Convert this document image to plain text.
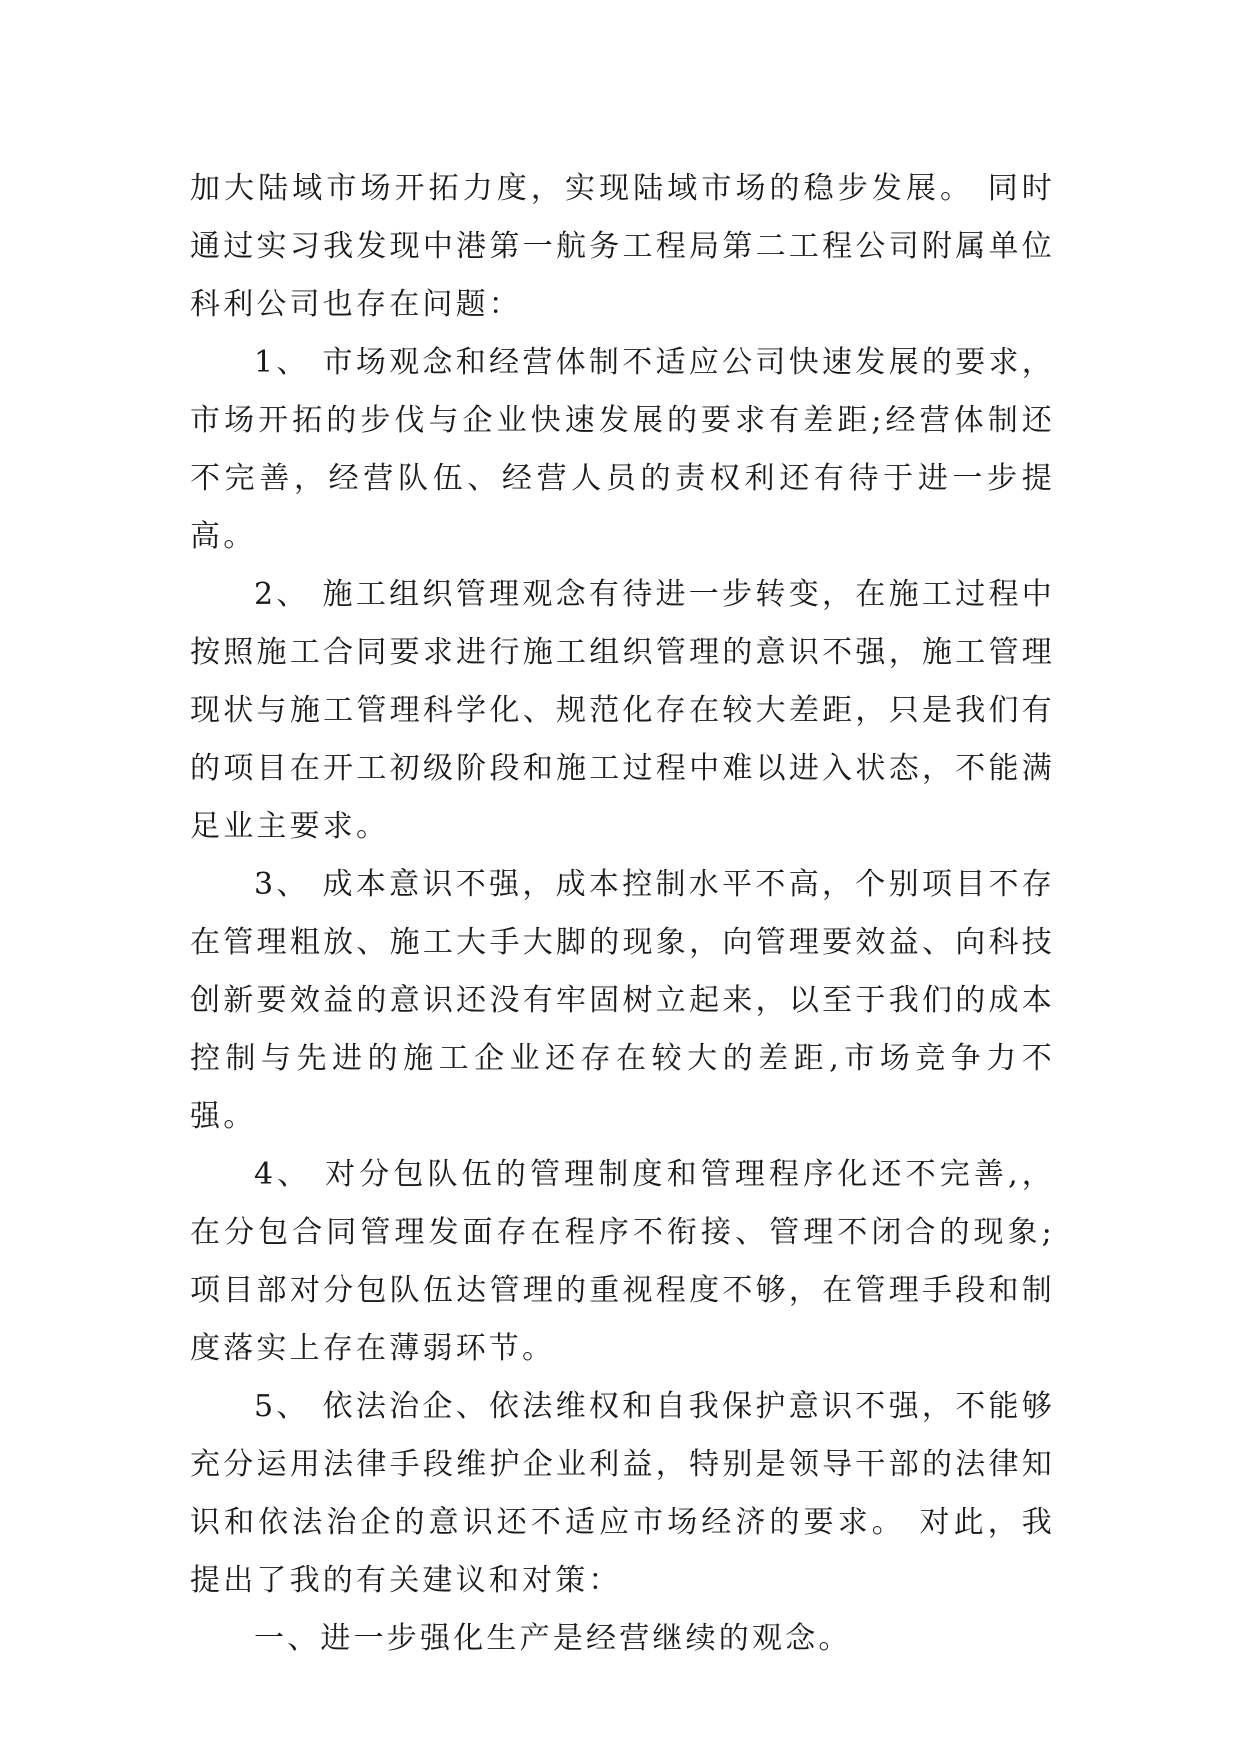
加大陆域市场开拓力度，实现陆域市场的稳步发展。 同时通过实习我发现中港第一航务工程局第二工程公司附属单位科利公司也存在问题：

1、 市场观念和经营体制不适应公司快速发展的要求，市场开拓的步伐与企业快速发展的要求有差距;经营体制还不完善，经营队伍、经营人员的责权利还有待于进一步提高。

2、 施工组织管理观念有待进一步转变，在施工过程中按照施工合同要求进行施工组织管理的意识不强，施工管理现状与施工管理科学化、规范化存在较大差距，只是我们有的项目在开工初级阶段和施工过程中难以进入状态，不能满足业主要求。

3、 成本意识不强，成本控制水平不高，个别项目不存在管理粗放、施工大手大脚的现象，向管理要效益、向科技创新要效益的意识还没有牢固树立起来，以至于我们的成本控制与先进的施工企业还存在较大的差距,市场竞争力不强。

4、 对分包队伍的管理制度和管理程序化还不完善,，在分包合同管理发面存在程序不衔接、管理不闭合的现象;项目部对分包队伍达管理的重视程度不够，在管理手段和制度落实上存在薄弱环节。

5、 依法治企、依法维权和自我保护意识不强，不能够充分运用法律手段维护企业利益，特别是领导干部的法律知识和依法治企的意识还不适应市场经济的要求。 对此，我提出了我的有关建议和对策：

一、进一步强化生产是经营继续的观念。
